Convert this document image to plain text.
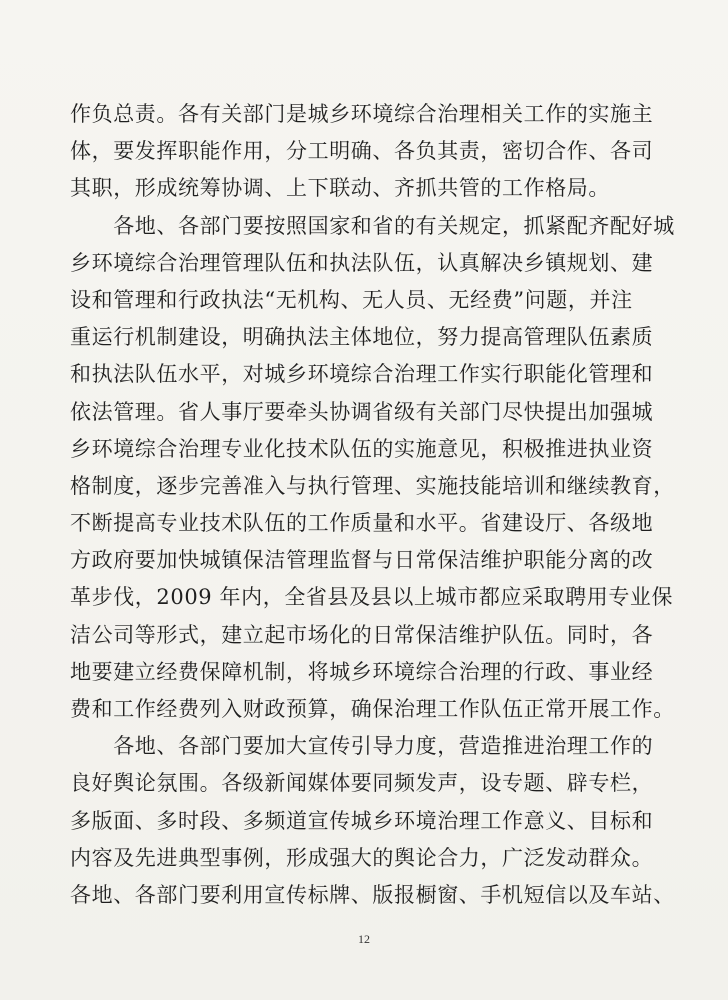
作负总责。各有关部门是城乡环境综合治理相关工作的实施主
体，要发挥职能作用，分工明确、各负其责，密切合作、各司
其职，形成统筹协调、上下联动、齐抓共管的工作格局。
　　各地、各部门要按照国家和省的有关规定，抓紧配齐配好城
乡环境综合治理管理队伍和执法队伍，认真解决乡镇规划、建
设和管理和行政执法“无机构、无人员、无经费”问题，并注
重运行机制建设，明确执法主体地位，努力提高管理队伍素质
和执法队伍水平，对城乡环境综合治理工作实行职能化管理和
依法管理。省人事厅要牵头协调省级有关部门尽快提出加强城
乡环境综合治理专业化技术队伍的实施意见，积极推进执业资
格制度，逐步完善准入与执行管理、实施技能培训和继续教育，
不断提高专业技术队伍的工作质量和水平。省建设厅、各级地
方政府要加快城镇保洁管理监督与日常保洁维护职能分离的改
革步伐，2009 年内，全省县及县以上城市都应采取聘用专业保
洁公司等形式，建立起市场化的日常保洁维护队伍。同时，各
地要建立经费保障机制，将城乡环境综合治理的行政、事业经
费和工作经费列入财政预算，确保治理工作队伍正常开展工作。
　　各地、各部门要加大宣传引导力度，营造推进治理工作的
良好舆论氛围。各级新闻媒体要同频发声，设专题、辟专栏，
多版面、多时段、多频道宣传城乡环境治理工作意义、目标和
内容及先进典型事例，形成强大的舆论合力，广泛发动群众。
各地、各部门要利用宣传标牌、版报橱窗、手机短信以及车站、
12
